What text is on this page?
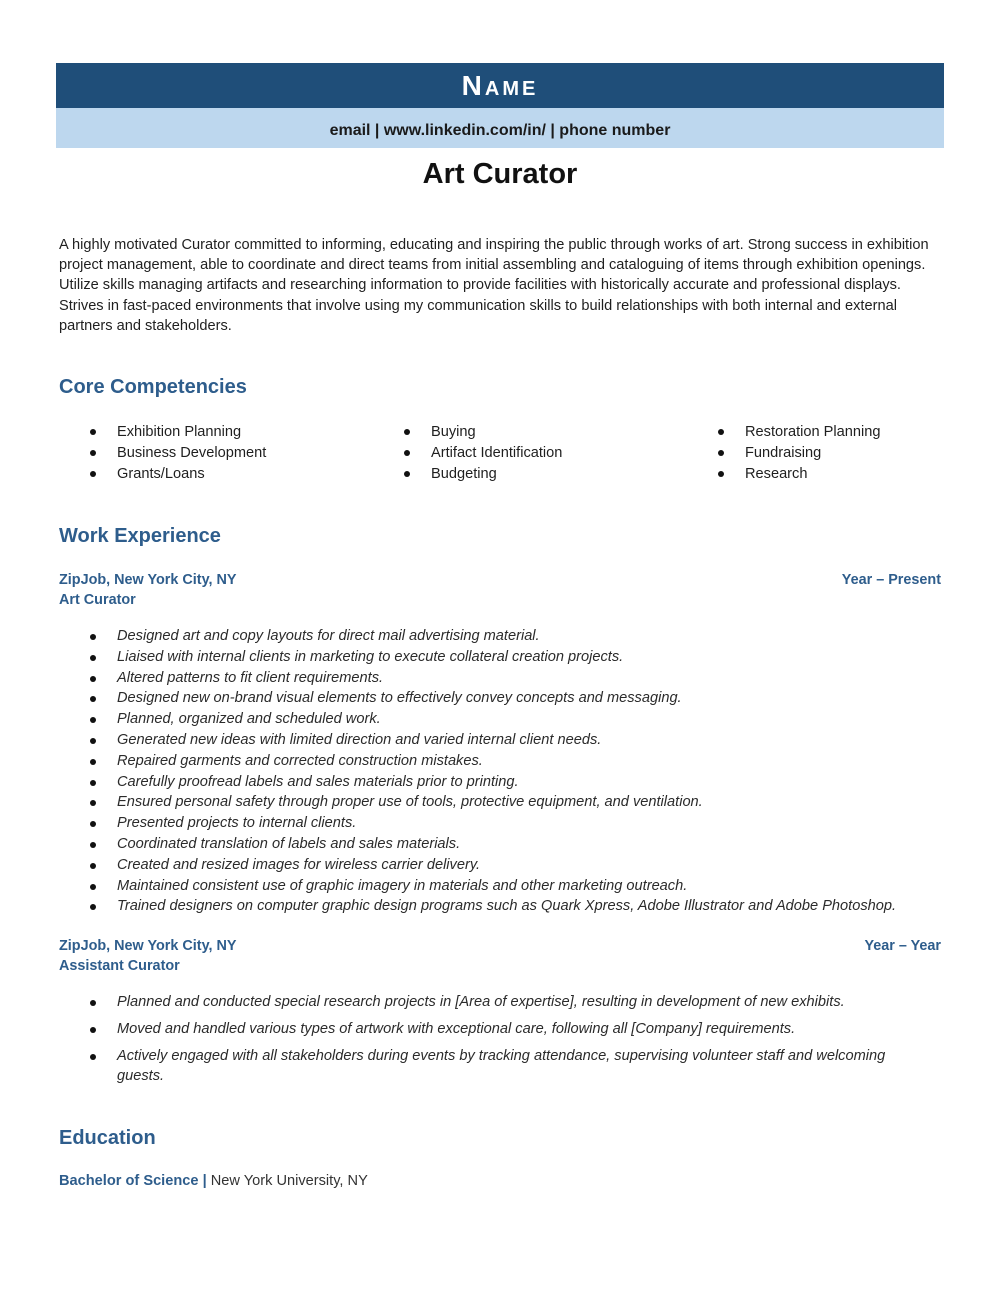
Name
email | www.linkedin.com/in/ | phone number
Art Curator
A highly motivated Curator committed to informing, educating and inspiring the public through works of art. Strong success in exhibition project management, able to coordinate and direct teams from initial assembling and cataloguing of items through exhibition openings. Utilize skills managing artifacts and researching information to provide facilities with historically accurate and professional displays. Strives in fast-paced environments that involve using my communication skills to build relationships with both internal and external partners and stakeholders.
Core Competencies
Exhibition Planning
Business Development
Grants/Loans
Buying
Artifact Identification
Budgeting
Restoration Planning
Fundraising
Research
Work Experience
ZipJob, New York City, NY	Year – Present
Art Curator
Designed art and copy layouts for direct mail advertising material.
Liaised with internal clients in marketing to execute collateral creation projects.
Altered patterns to fit client requirements.
Designed new on-brand visual elements to effectively convey concepts and messaging.
Planned, organized and scheduled work.
Generated new ideas with limited direction and varied internal client needs.
Repaired garments and corrected construction mistakes.
Carefully proofread labels and sales materials prior to printing.
Ensured personal safety through proper use of tools, protective equipment, and ventilation.
Presented projects to internal clients.
Coordinated translation of labels and sales materials.
Created and resized images for wireless carrier delivery.
Maintained consistent use of graphic imagery in materials and other marketing outreach.
Trained designers on computer graphic design programs such as Quark Xpress, Adobe Illustrator and Adobe Photoshop.
ZipJob, New York City, NY	Year – Year
Assistant Curator
Planned and conducted special research projects in [Area of expertise], resulting in development of new exhibits.
Moved and handled various types of artwork with exceptional care, following all [Company] requirements.
Actively engaged with all stakeholders during events by tracking attendance, supervising volunteer staff and welcoming guests.
Education
Bachelor of Science | New York University, NY
